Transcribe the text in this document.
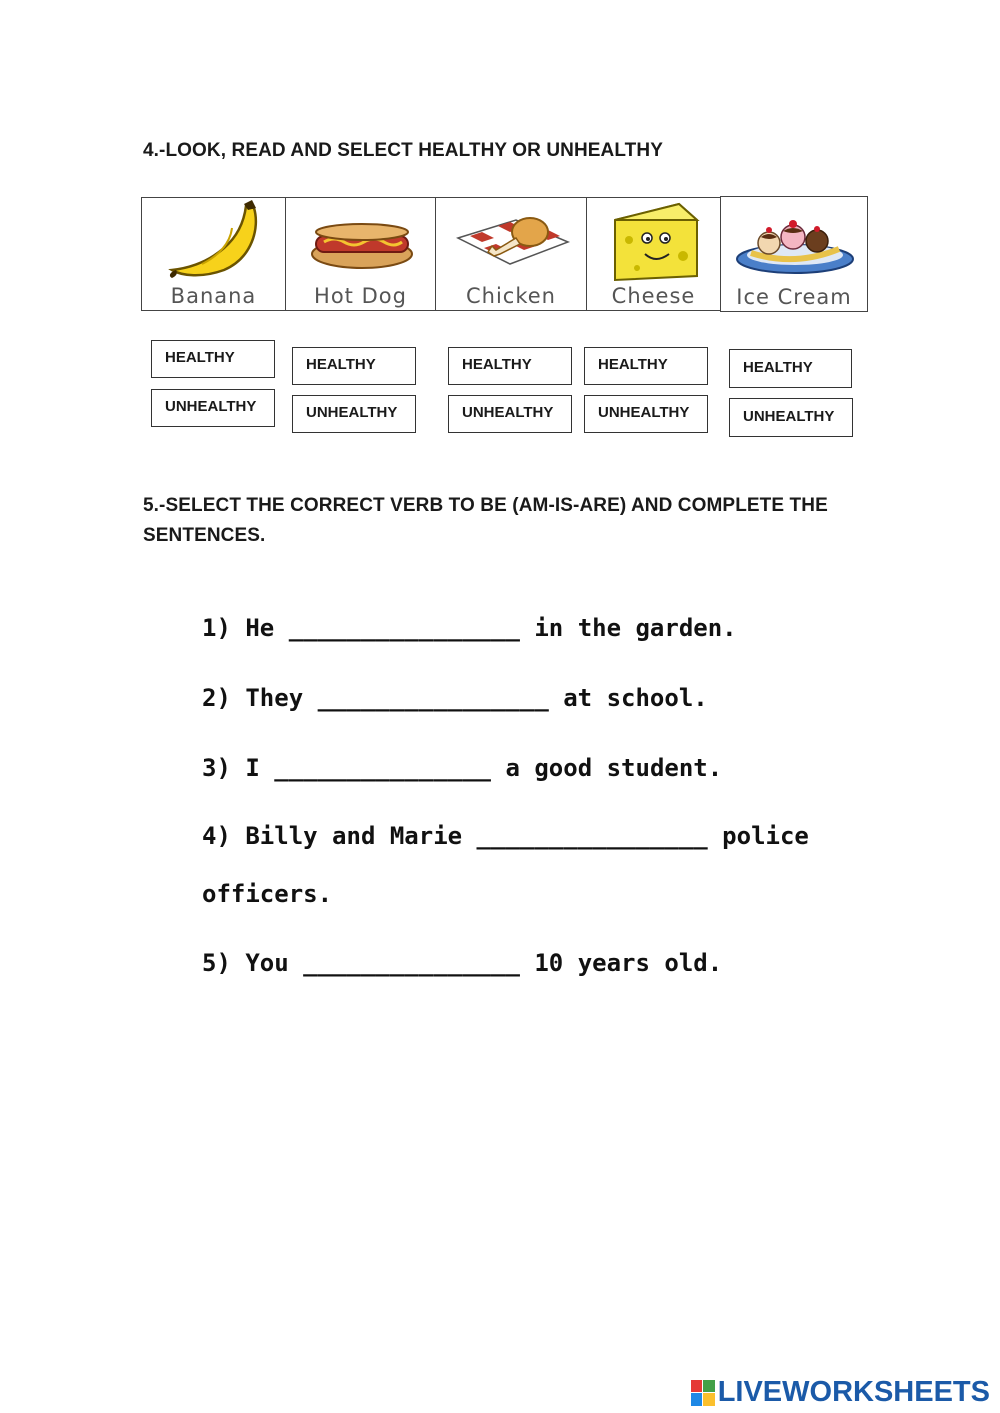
4.-LOOK, READ AND SELECT HEALTHY OR UNHEALTHY
Banana	Hot Dog	Chicken	Cheese	Ice Cream
HEALTHY	HEALTHY	HEALTHY	HEALTHY	HEALTHY
UNHEALTHY	UNHEALTHY	UNHEALTHY	UNHEALTHY	UNHEALTHY
5.-SELECT THE CORRECT VERB TO BE (AM-IS-ARE) AND COMPLETE THE SENTENCES.
1) He ________________ in the garden.
2) They ________________ at school.
3) I _______________ a good student.
4) Billy and Marie ________________ police
officers.
5) You _______________ 10 years old.
LIVEWORKSHEETS
